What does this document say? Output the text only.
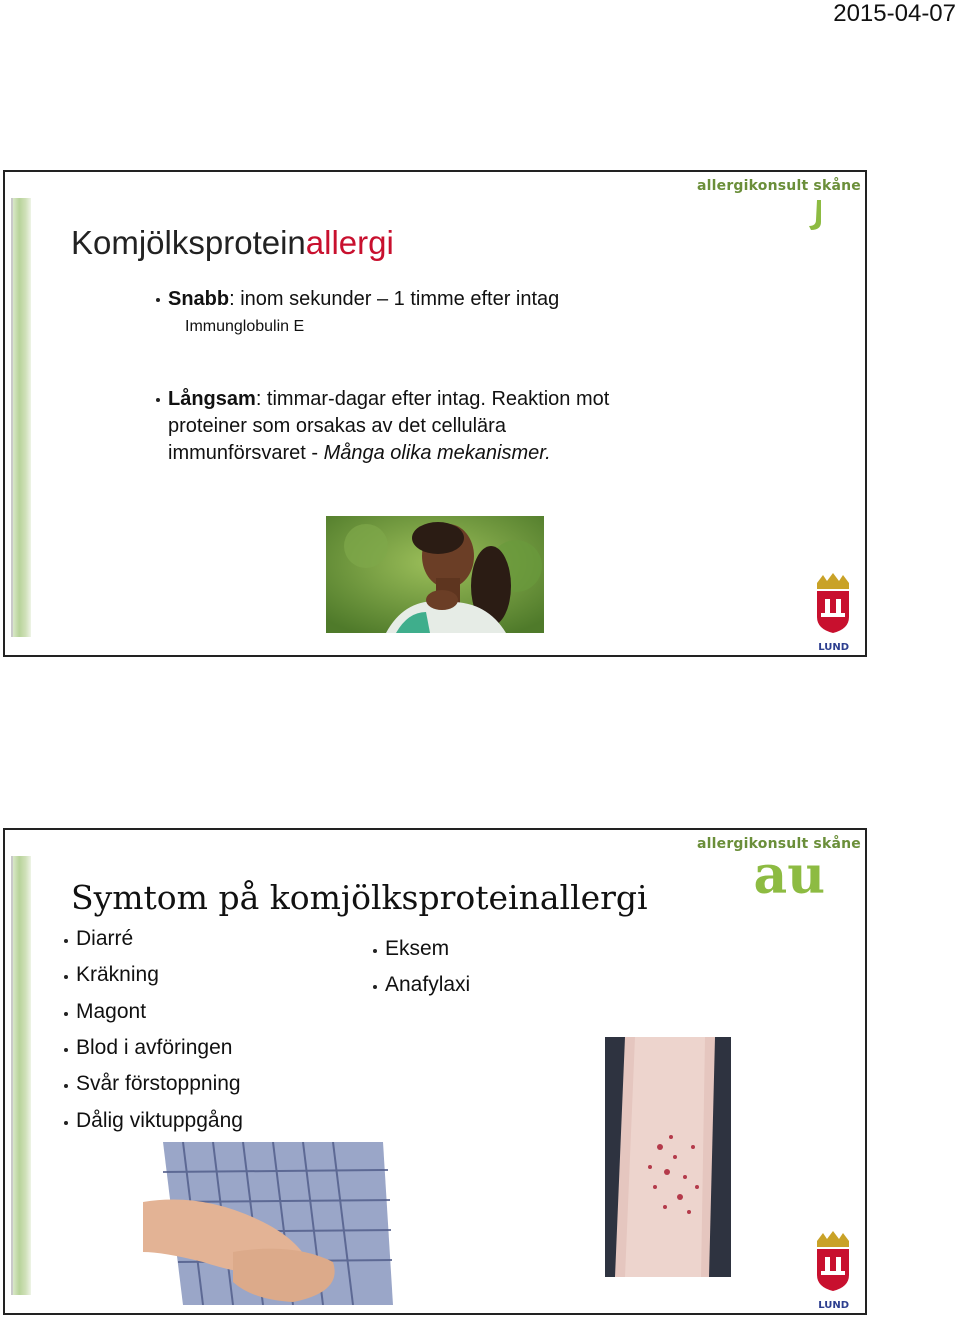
2015-04-07
allergikonsult skåne
Komjölksproteinallergi
Snabb: inom sekunder – 1 timme efter intag
Immunglobulin E
Långsam: timmar-dagar efter intag. Reaktion mot
proteiner som orsakas av det cellulära
immunförsvaret - Många olika mekanismer.
LUND
allergikonsult skåne
au
Symtom på komjölksproteinallergi
LUND
Diarré
Kräkning
Magont
Blod i avföringen
Svår förstoppning
Dålig viktuppgång
Eksem
Anafylaxi
